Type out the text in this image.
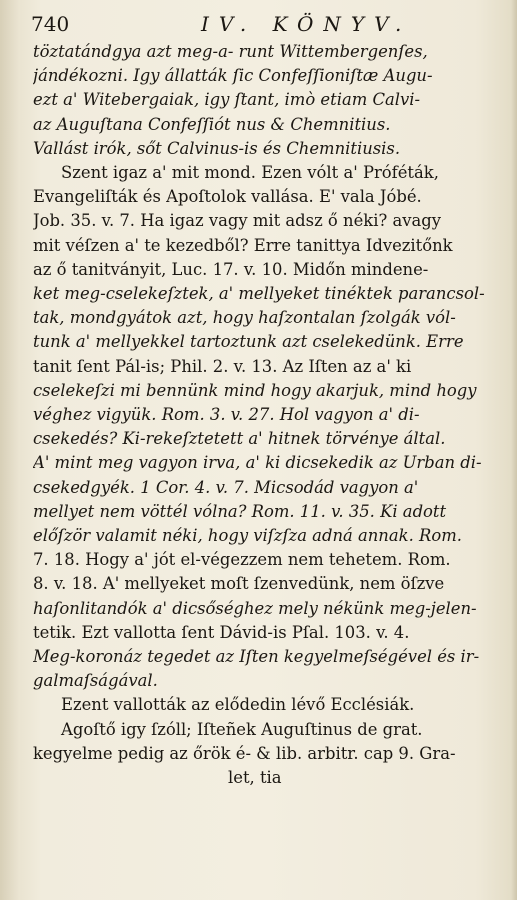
740	IV. KÖNYV.
töztatándgya azt meg-a- runt Wittembergenſes,
jándékozni. Igy állatták ſic Confeſſioniſtæ Augu-
ezt a' Witebergaiak, igy ſtant, imò etiam Calvi-
az Auguſtana Confeſſiót nus & Chemnitius.
Vallást irók, sőt Calvinus-is és Chemnitiusis.
Szent igaz a' mit mond. Ezen vólt a' Próféták,
Evangeliſták és Apoſtolok vallása. E' vala Jóbé.
Job. 35. v. 7. Ha igaz vagy mit adsz ő néki? avagy
mit véſzen a' te kezedből? Erre tanittya Idvezitőnk
az ő tanitványit, Luc. 17. v. 10. Midőn mindene-
ket meg-cselekeſztek, a' mellyeket tinéktek parancsol-
tak, mondgyátok azt, hogy haſzontalan ſzolgák vól-
tunk a' mellyekkel tartoztunk azt cselekedünk. Erre
tanit ſent Pál-is; Phil. 2. v. 13. Az Iſten az a' ki
cselekeſzi mi bennünk mind hogy akarjuk, mind hogy
véghez vigyük. Rom. 3. v. 27. Hol vagyon a' di-
csekedés? Ki-rekeſztetett a' hitnek törvénye által.
A' mint meg vagyon irva, a' ki dicsekedik az Urban di-
csekedgyék. 1 Cor. 4. v. 7. Micsodád vagyon a'
mellyet nem vöttél vólna? Rom. 11. v. 35. Ki adott
előſzör valamit néki, hogy viſzſza adná annak. Rom.
7. 18. Hogy a' jót el-végezzem nem tehetem. Rom.
8. v. 18. A' mellyeket moſt ſzenvedünk, nem öſzve
haſonlitandók a' dicsőséghez mely nékünk meg-jelen-
tetik. Ezt vallotta ſent Dávid-is Pſal. 103. v. 4.
Meg-koronáz tegedet az Iſten kegyelmeſségével és ir-
galmaſságával.
Ezent vallották az elődedin lévő Ecclésiák.
Agoſtő igy ſzóll; Iſteñek Auguſtinus de grat.
kegyelme pedig az őrök é- & lib. arbitr. cap 9. Gra-
let, tia
